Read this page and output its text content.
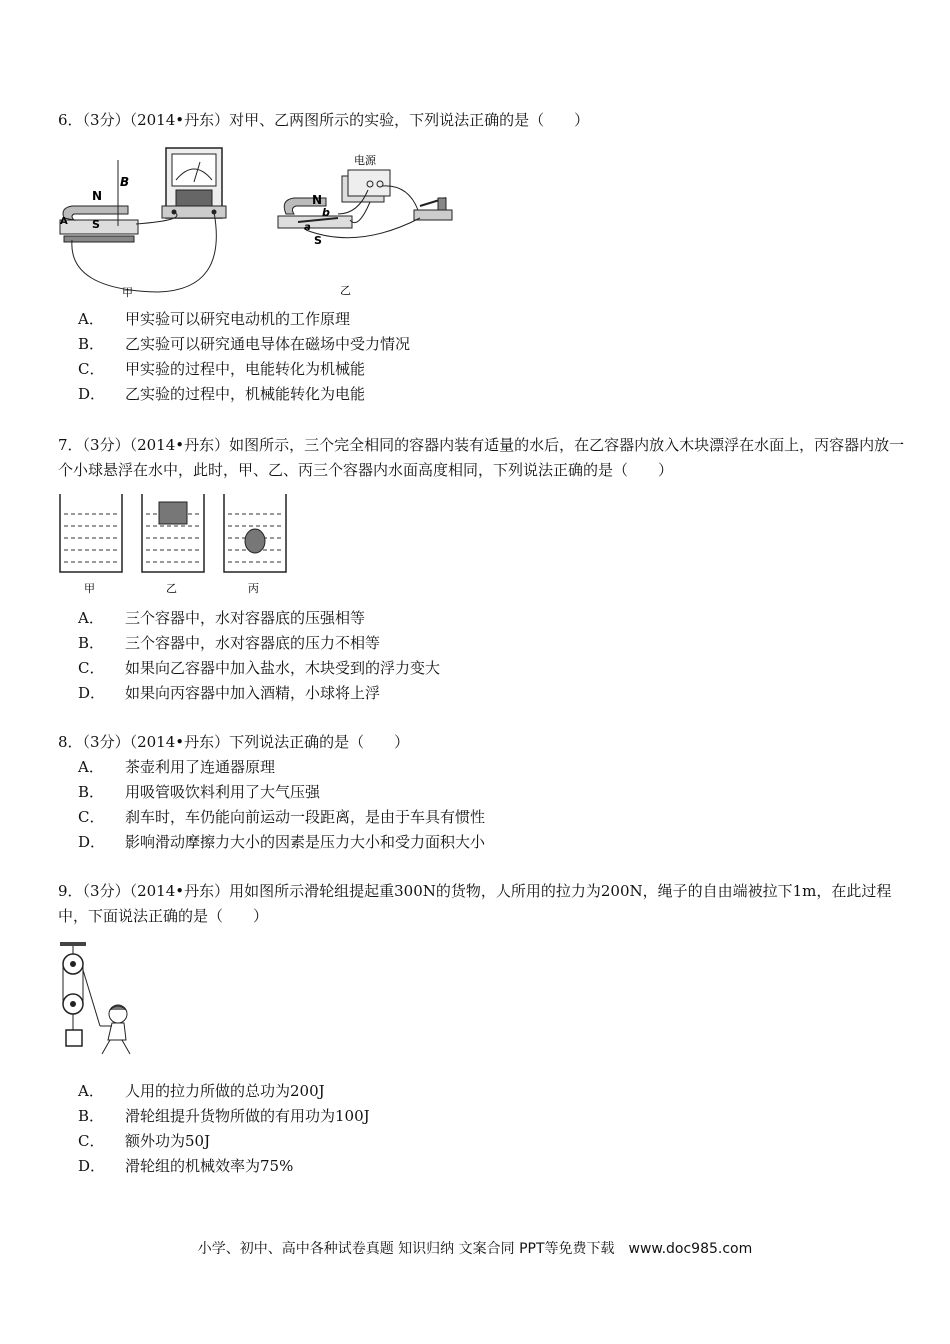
6．（3分）（2014•丹东）对甲、乙两图所示的实验，下列说法正确的是（　　）

N
S
B
A
甲
电源
N
S
b
a
乙
A．	甲实验可以研究电动机的工作原理
B．	乙实验可以研究通电导体在磁场中受力情况
C．	甲实验的过程中，电能转化为机械能
D．	乙实验的过程中，机械能转化为电能

7．（3分）（2014•丹东）如图所示，三个完全相同的容器内装有适量的水后，在乙容器内放入木块漂浮在水面上，丙容器内放一个小球悬浮在水中，此时，甲、乙、丙三个容器内水面高度相同，下列说法正确的是（　　）

甲	乙	丙
A．	三个容器中，水对容器底的压强相等
B．	三个容器中，水对容器底的压力不相等
C．	如果向乙容器中加入盐水，木块受到的浮力变大
D．	如果向丙容器中加入酒精，小球将上浮

8．（3分）（2014•丹东）下列说法正确的是（　　）

A．	茶壶利用了连通器原理
B．	用吸管吸饮料利用了大气压强
C．	刹车时，车仍能向前运动一段距离，是由于车具有惯性
D．	影响滑动摩擦力大小的因素是压力大小和受力面积大小

9．（3分）（2014•丹东）用如图所示滑轮组提起重300N的货物，人所用的拉力为200N，绳子的自由端被拉下1m，在此过程中，下面说法正确的是（　　）

A．	人用的拉力所做的总功为200J
B．	滑轮组提升货物所做的有用功为100J
C．	额外功为50J
D．	滑轮组的机械效率为75%
小学、初中、高中各种试卷真题 知识归纳 文案合同 PPT等免费下载　www.doc985.com
